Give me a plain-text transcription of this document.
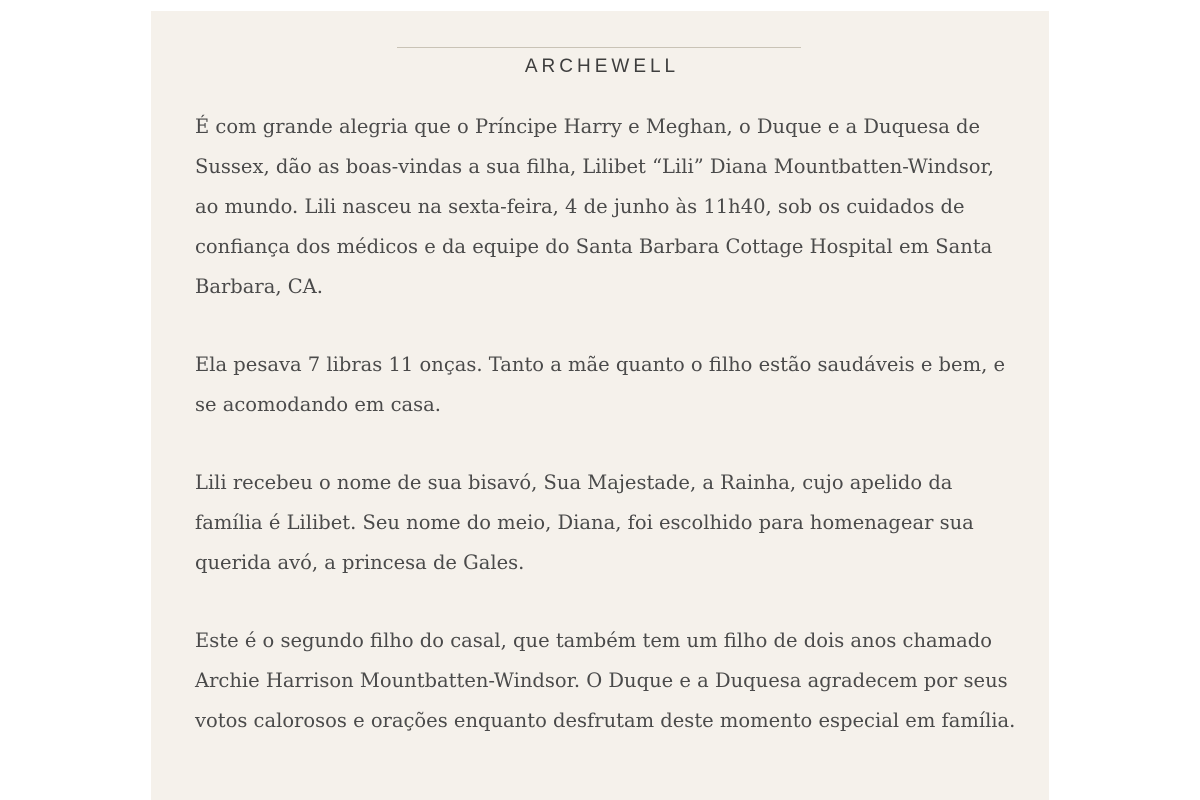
ARCHEWELL

É com grande alegria que o Príncipe Harry e Meghan, o Duque e a Duquesa de Sussex, dão as boas-vindas a sua filha, Lilibet “Lili” Diana Mountbatten-Windsor, ao mundo. Lili nasceu na sexta-feira, 4 de junho às 11h40, sob os cuidados de confiança dos médicos e da equipe do Santa Barbara Cottage Hospital em Santa Barbara, CA.

Ela pesava 7 libras 11 onças. Tanto a mãe quanto o filho estão saudáveis e bem, e se acomodando em casa.

Lili recebeu o nome de sua bisavó, Sua Majestade, a Rainha, cujo apelido da família é Lilibet. Seu nome do meio, Diana, foi escolhido para homenagear sua querida avó, a princesa de Gales.

Este é o segundo filho do casal, que também tem um filho de dois anos chamado Archie Harrison Mountbatten-Windsor. O Duque e a Duquesa agradecem por seus votos calorosos e orações enquanto desfrutam deste momento especial em família.
